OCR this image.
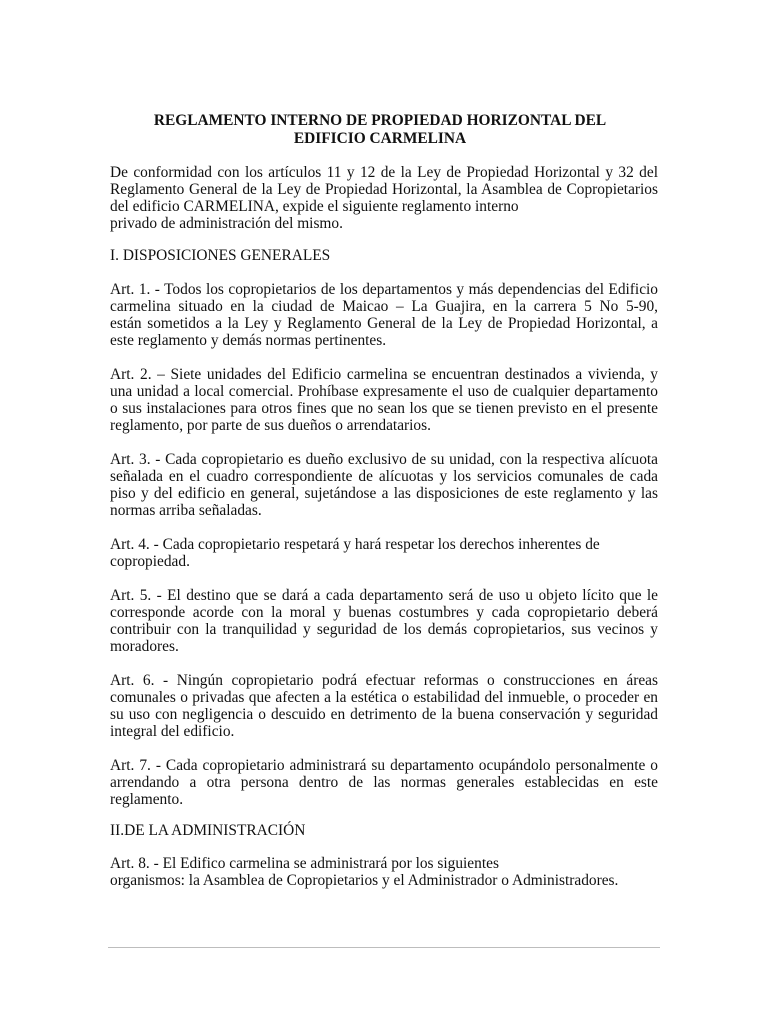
REGLAMENTO INTERNO DE PROPIEDAD HORIZONTAL DEL
EDIFICIO CARMELINA
De conformidad con los artículos 11 y 12 de la Ley de Propiedad Horizontal y 32 del
Reglamento General de la Ley de Propiedad Horizontal, la Asamblea de Copropietarios
del edificio CARMELINA, expide el siguiente reglamento interno
privado de administración del mismo.
I. DISPOSICIONES GENERALES
Art. 1. - Todos los copropietarios de los departamentos y más dependencias del Edificio
carmelina situado en la ciudad de Maicao – La Guajira, en la carrera 5 No 5-90,
están sometidos a la Ley y Reglamento General de la Ley de Propiedad Horizontal, a
este reglamento y demás normas pertinentes.
Art. 2. – Siete unidades del Edificio carmelina se encuentran destinados a vivienda, y
una unidad a local comercial. Prohíbase expresamente el uso de cualquier departamento
o sus instalaciones para otros fines que no sean los que se tienen previsto en el presente
reglamento, por parte de sus dueños o arrendatarios.
Art. 3. - Cada copropietario es dueño exclusivo de su unidad, con la respectiva alícuota
señalada en el cuadro correspondiente de alícuotas y los servicios comunales de cada
piso y del edificio en general, sujetándose a las disposiciones de este reglamento y las
normas arriba señaladas.
Art. 4. - Cada copropietario respetará y hará respetar los derechos inherentes de
copropiedad.
Art. 5. - El destino que se dará a cada departamento será de uso u objeto lícito que le
corresponde acorde con la moral y buenas costumbres y cada copropietario deberá
contribuir con la tranquilidad y seguridad de los demás copropietarios, sus vecinos y
moradores.
Art. 6. - Ningún copropietario podrá efectuar reformas o construcciones en áreas
comunales o privadas que afecten a la estética o estabilidad del inmueble, o proceder en
su uso con negligencia o descuido en detrimento de la buena conservación y seguridad
integral del edificio.
Art. 7. - Cada copropietario administrará su departamento ocupándolo personalmente o
arrendando a otra persona dentro de las normas generales establecidas en este
reglamento.
II.DE LA ADMINISTRACIÓN
Art. 8. - El Edifico carmelina se administrará por los siguientes
organismos: la Asamblea de Copropietarios y el Administrador o Administradores.
